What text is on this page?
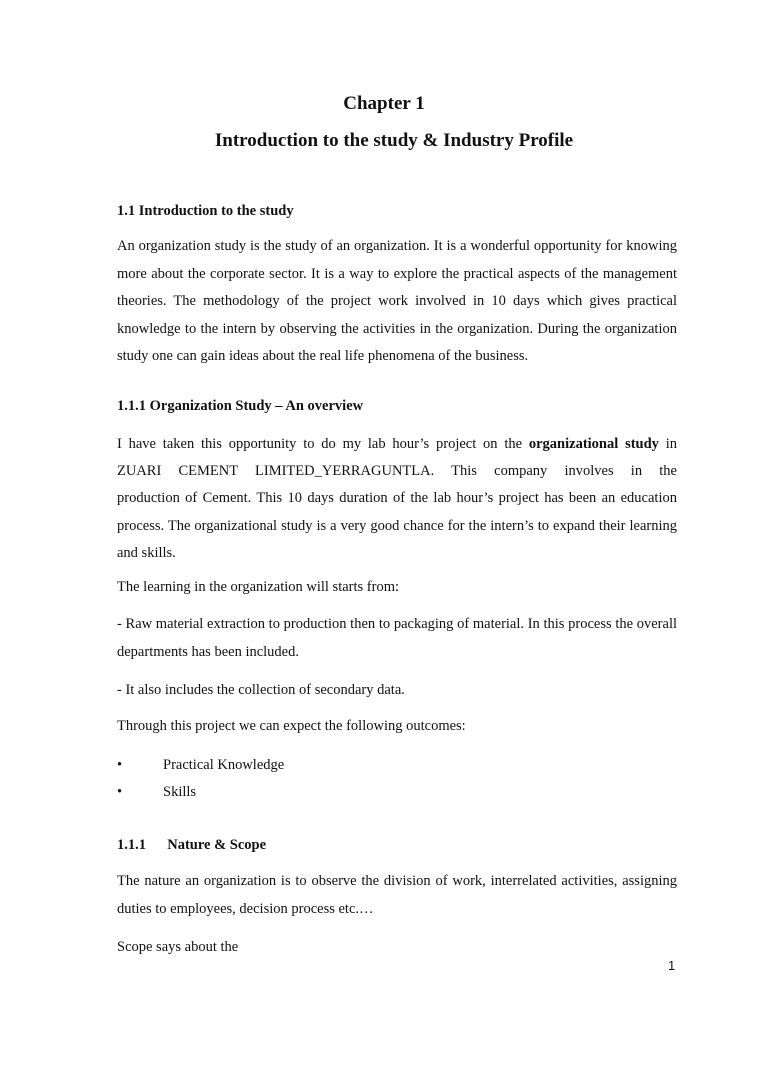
Chapter 1
Introduction to the study & Industry Profile
1.1 Introduction to the study
An organization study is the study of an organization. It is a wonderful opportunity for knowing more about the corporate sector. It is a way to explore the practical aspects of the management theories. The methodology of the project work involved in 10 days which gives practical knowledge to the intern by observing the activities in the organization. During the organization study one can gain ideas about the real life phenomena of the business.
1.1.1 Organization Study – An overview
I have taken this opportunity to do my lab hour’s project on the organizational study in
ZUARI CEMENT LIMITED_YERRAGUNTLA. This company involves in the
production of Cement. This 10 days duration of the lab hour’s project has been an education process. The organizational study is a very good chance for the intern’s to expand their learning and skills.
The learning in the organization will starts from:
- Raw material extraction to production then to packaging of material. In this process the overall departments has been included.
- It also includes the collection of secondary data.
Through this project we can expect the following outcomes:
•	Practical Knowledge
•	Skills
1.1.1 Nature & Scope
The nature an organization is to observe the division of work, interrelated activities, assigning duties to employees, decision process etc.…
Scope says about the
1
